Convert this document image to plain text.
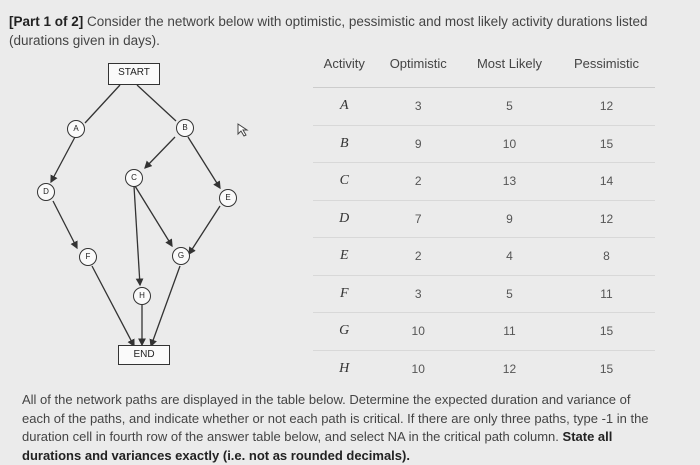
[Part 1 of 2] Consider the network below with optimistic, pessimistic and most likely activity durations listed (durations given in days).
START
END
A	B
C
D
E
F	G
H
Activity	Optimistic	Most Likely	Pessimistic
A	3	5	12
B	9	10	15
C	2	13	14
D	7	9	12
E	2	4	8
F	3	5	11
G	10	11	15
H	10	12	15
All of the network paths are displayed in the table below. Determine the expected duration and variance of each of the paths, and indicate whether or not each path is critical. If there are only three paths, type -1 in the duration cell in fourth row of the answer table below, and select NA in the critical path column. State all durations and variances exactly (i.e. not as rounded decimals).
